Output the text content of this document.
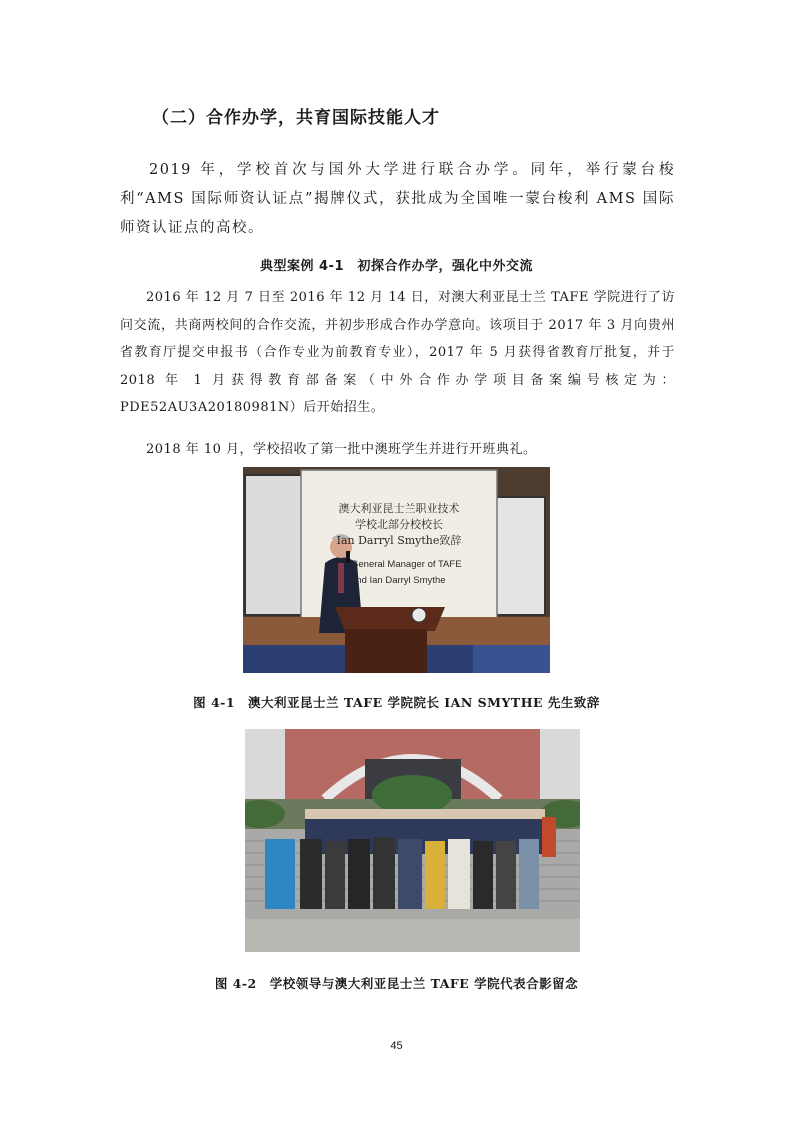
（二）合作办学，共育国际技能人才
2019 年，学校首次与国外大学进行联合办学。同年，举行蒙台梭利“AMS 国际师资认证点”揭牌仪式，获批成为全国唯一蒙台梭利 AMS 国际师资认证点的高校。
典型案例 4-1　初探合作办学，强化中外交流
2016 年 12 月 7 日至 2016 年 12 月 14 日，对澳大利亚昆士兰 TAFE 学院进行了访问交流，共商两校间的合作交流，并初步形成合作办学意向。该项目于 2017 年 3 月向贵州省教育厅提交申报书（合作专业为前教育专业），2017 年 5 月获得省教育厅批复，并于 2018 年 1 月获得教育部备案（中外合作办学项目备案编号核定为：PDE52AU3A20180981N）后开始招生。
2018 年 10 月，学校招收了第一批中澳班学生并进行开班典礼。
澳大利亚昆士兰职业技术
学校北部分校校长
Ian Darryl Smythe致辞
General Manager of TAFE
and Ian Darryl Smythe
图 4-1　澳大利亚昆士兰 TAFE 学院院长 IAN SMYTHE 先生致辞
图 4-2　学校领导与澳大利亚昆士兰 TAFE 学院代表合影留念
45
